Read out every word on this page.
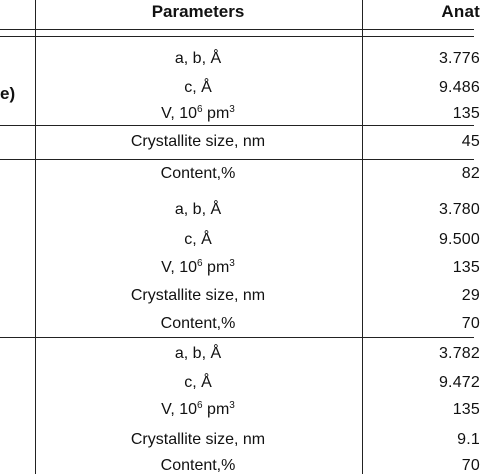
Parameters	Anat
e)
a, b, Å	3.776
c, Å	9.486
V, $10^6$ $pm^3$	135
Crystallite size, nm	45
Content,%	82
a, b, Å	3.780
c, Å	9.500
V, $10^6$ $pm^3$	135
Crystallite size, nm	29
Content,%	70
a, b, Å	3.782
c, Å	9.472
V, $10^6$ $pm^3$	135
Crystallite size, nm	9.1
Content,%	70
